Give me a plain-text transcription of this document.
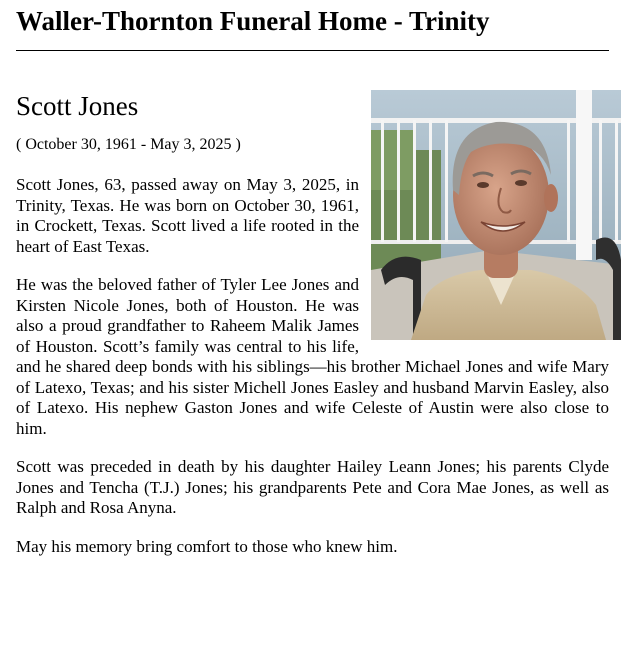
Waller-Thornton Funeral Home - Trinity
Scott Jones

( October 30, 1961 - May 3, 2025 )

Scott Jones, 63, passed away on May 3, 2025, in Trinity, Texas. He was born on October 30, 1961, in Crockett, Texas. Scott lived a life rooted in the heart of East Texas.

He was the beloved father of Tyler Lee Jones and Kirsten Nicole Jones, both of Houston. He was also a proud grandfather to Raheem Malik James of Houston. Scott’s family was central to his life, and he shared deep bonds with his siblings—his brother Michael Jones and wife Mary of Latexo, Texas; and his sister Michell Jones Easley and husband Marvin Easley, also of Latexo. His nephew Gaston Jones and wife Celeste of Austin were also close to him.

Scott was preceded in death by his daughter Hailey Leann Jones; his parents Clyde Jones and Tencha (T.J.) Jones; his grandparents Pete and Cora Mae Jones, as well as Ralph and Rosa Anyna.

May his memory bring comfort to those who knew him.
